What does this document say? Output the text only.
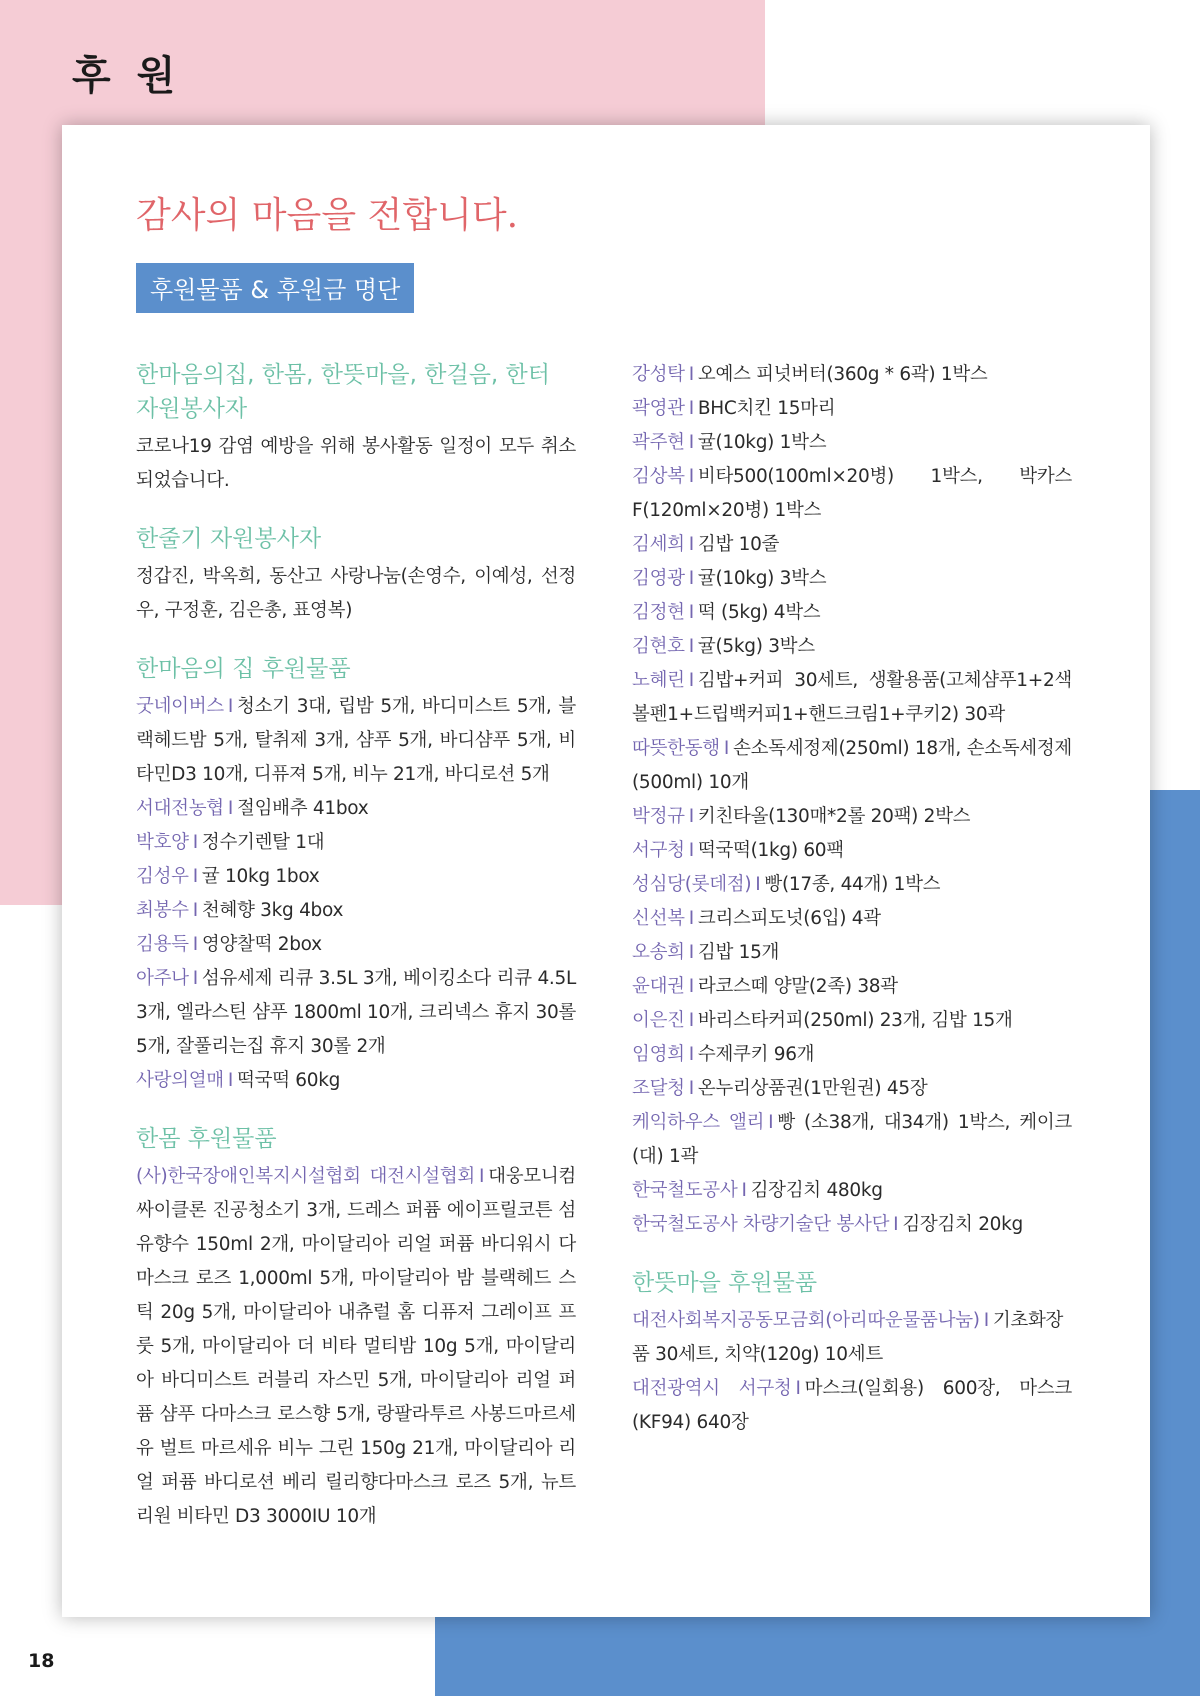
후 원
감사의 마음을 전합니다.
후원물품 & 후원금 명단
한마음의집, 한몸, 한뜻마을, 한걸음, 한터 자원봉사자

코로나19 감염 예방을 위해 봉사활동 일정이 모두 취소되었습니다.

한줄기 자원봉사자

정갑진, 박옥희, 동산고 사랑나눔(손영수, 이예성, 선정우, 구정훈, 김은총, 표영복)

한마음의 집 후원물품

굿네이버스 I 청소기 3대, 립밤 5개, 바디미스트 5개, 블랙헤드밤 5개, 탈취제 3개, 샴푸 5개, 바디샴푸 5개, 비타민D3 10개, 디퓨져 5개, 비누 21개, 바디로션 5개

서대전농협 I 절임배추 41box

박호양 I 정수기렌탈 1대

김성우 I 귤 10kg 1box

최봉수 I 천혜향 3kg 4box

김용득 I 영양찰떡 2box

아주나 I 섬유세제 리큐 3.5L 3개, 베이킹소다 리큐 4.5L 3개, 엘라스틴 샴푸 1800ml 10개, 크리넥스 휴지 30롤 5개, 잘풀리는집 휴지 30롤 2개

사랑의열매 I 떡국떡 60kg

한몸 후원물품

(사)한국장애인복지시설협회 대전시설협회 I 대웅모니컴 싸이클론 진공청소기 3개, 드레스 퍼퓸 에이프릴코튼 섬유향수 150ml 2개, 마이달리아 리얼 퍼퓸 바디워시 다마스크 로즈 1,000ml 5개, 마이달리아 밤 블랙헤드 스틱 20g 5개, 마이달리아 내츄럴 홈 디퓨저 그레이프 프룻 5개, 마이달리아 더 비타 멀티밤 10g 5개, 마이달리아 바디미스트 러블리 자스민 5개, 마이달리아 리얼 퍼퓸 샴푸 다마스크 로스향 5개, 랑팔라투르 사봉드마르세유 벌트 마르세유 비누 그린 150g 21개, 마이달리아 리얼 퍼퓸 바디로션 베리 릴리향다마스크 로즈 5개, 뉴트리원 비타민 D3 3000IU 10개

강성탁 I 오예스 피넛버터(360g * 6곽) 1박스

곽영관 I BHC치킨 15마리

곽주현 I 귤(10kg) 1박스

김상복 I 비타500(100ml×20병) 1박스, 박카스F(120ml×20병) 1박스

김세희 I 김밥 10줄

김영광 I 귤(10kg) 3박스

김정현 I 떡 (5kg) 4박스

김현호 I 귤(5kg) 3박스

노혜린 I 김밥+커피 30세트, 생활용품(고체샴푸1+2색볼펜1+드립백커피1+핸드크림1+쿠키2) 30곽

따뜻한동행 I 손소독세정제(250ml) 18개, 손소독세정제(500ml) 10개

박정규 I 키친타올(130매*2롤 20팩) 2박스

서구청 I 떡국떡(1kg) 60팩

성심당(롯데점) I 빵(17종, 44개) 1박스

신선복 I 크리스피도넛(6입) 4곽

오송희 I 김밥 15개

윤대권 I 라코스떼 양말(2족) 38곽

이은진 I 바리스타커피(250ml) 23개, 김밥 15개

임영희 I 수제쿠키 96개

조달청 I 온누리상품권(1만원권) 45장

케익하우스 앨리 I 빵 (소38개, 대34개) 1박스, 케이크(대) 1곽

한국철도공사 I 김장김치 480kg

한국철도공사 차량기술단 봉사단 I 김장김치 20kg

한뜻마을 후원물품

대전사회복지공동모금회(아리따운물품나눔) I 기초화장품 30세트, 치약(120g) 10세트

대전광역시 서구청 I 마스크(일회용) 600장, 마스크(KF94) 640장

18
